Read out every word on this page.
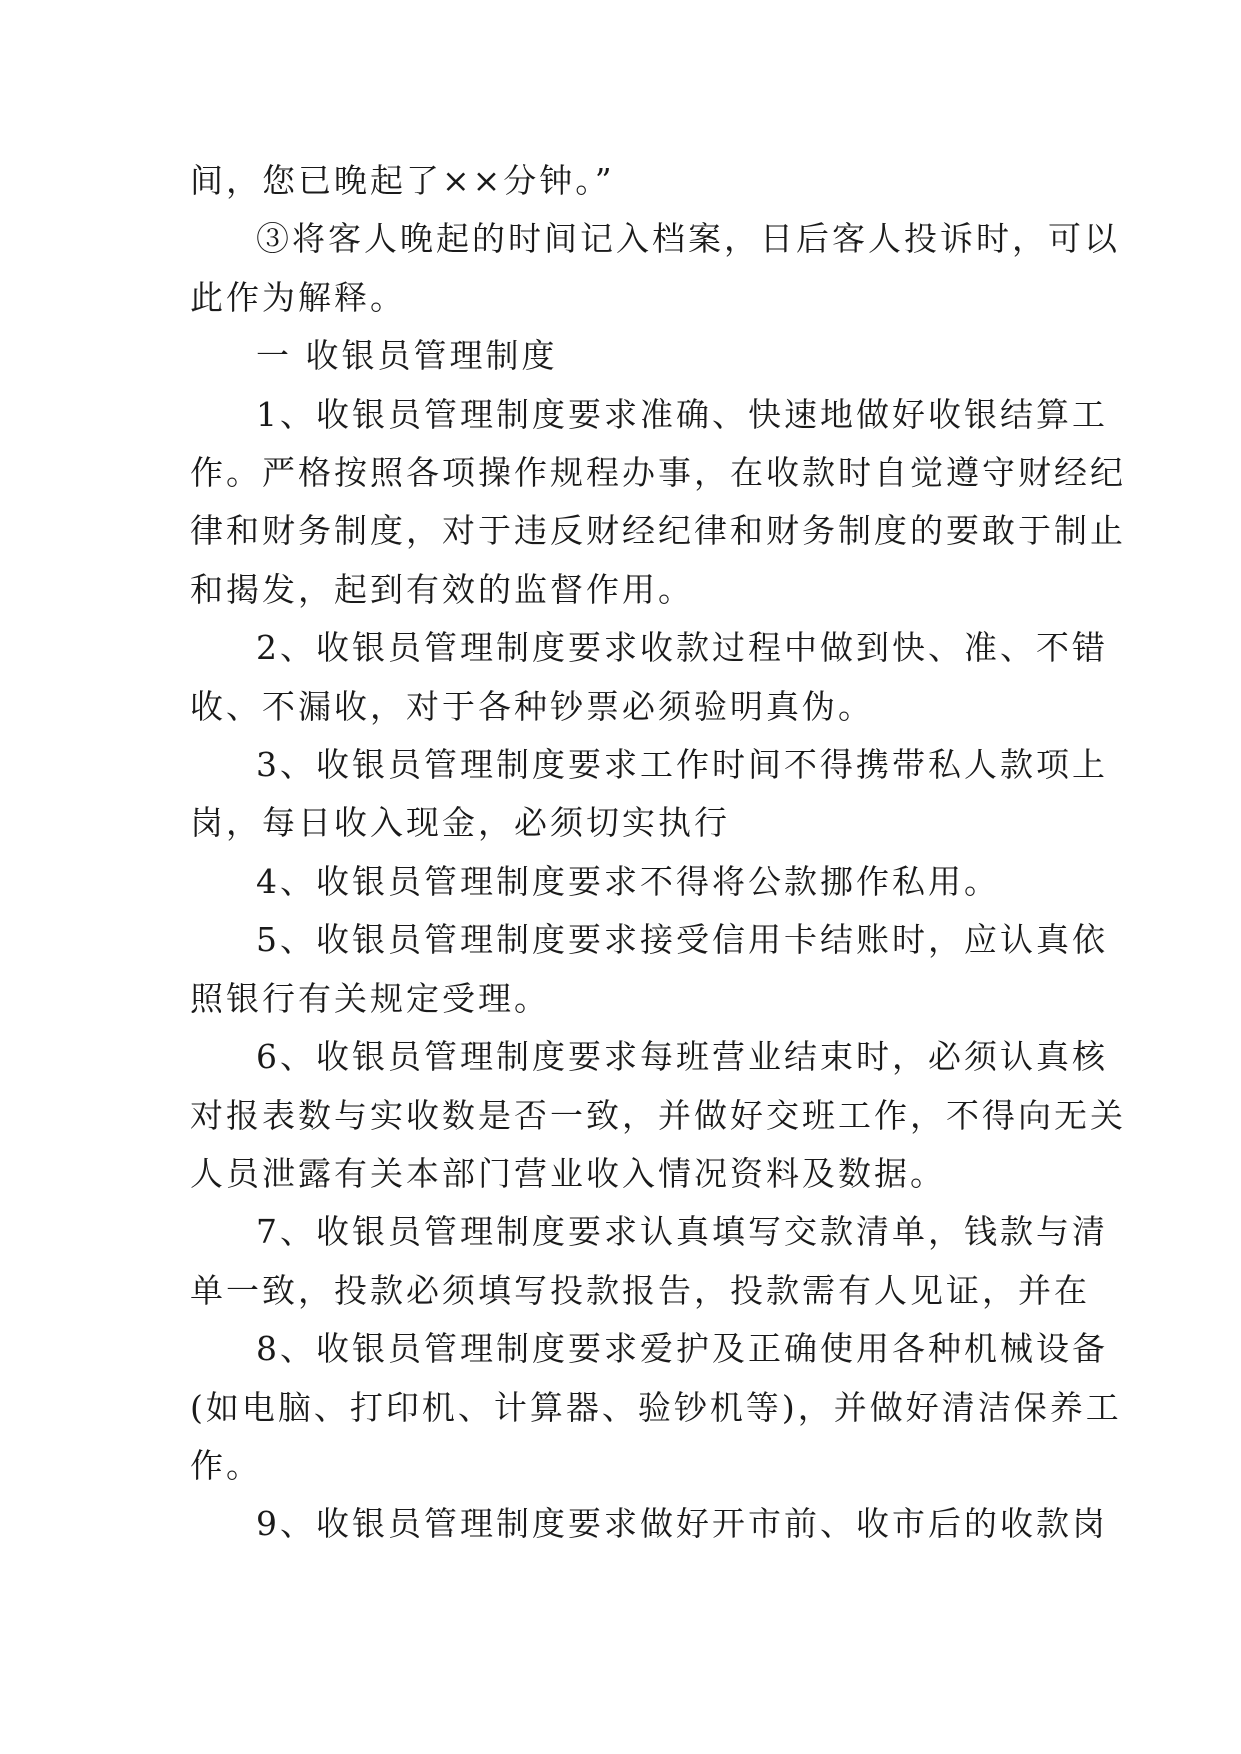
间，您已晚起了××分钟。”
③将客人晚起的时间记入档案，日后客人投诉时，可以
此作为解释。
一 收银员管理制度
1、收银员管理制度要求准确、快速地做好收银结算工
作。严格按照各项操作规程办事，在收款时自觉遵守财经纪
律和财务制度，对于违反财经纪律和财务制度的要敢于制止
和揭发，起到有效的监督作用。
2、收银员管理制度要求收款过程中做到快、准、不错
收、不漏收，对于各种钞票必须验明真伪。
3、收银员管理制度要求工作时间不得携带私人款项上
岗，每日收入现金，必须切实执行
4、收银员管理制度要求不得将公款挪作私用。
5、收银员管理制度要求接受信用卡结账时，应认真依
照银行有关规定受理。
6、收银员管理制度要求每班营业结束时，必须认真核
对报表数与实收数是否一致，并做好交班工作，不得向无关
人员泄露有关本部门营业收入情况资料及数据。
7、收银员管理制度要求认真填写交款清单，钱款与清
单一致，投款必须填写投款报告，投款需有人见证，并在
8、收银员管理制度要求爱护及正确使用各种机械设备
(如电脑、打印机、计算器、验钞机等)，并做好清洁保养工
作。
9、收银员管理制度要求做好开市前、收市后的收款岗
